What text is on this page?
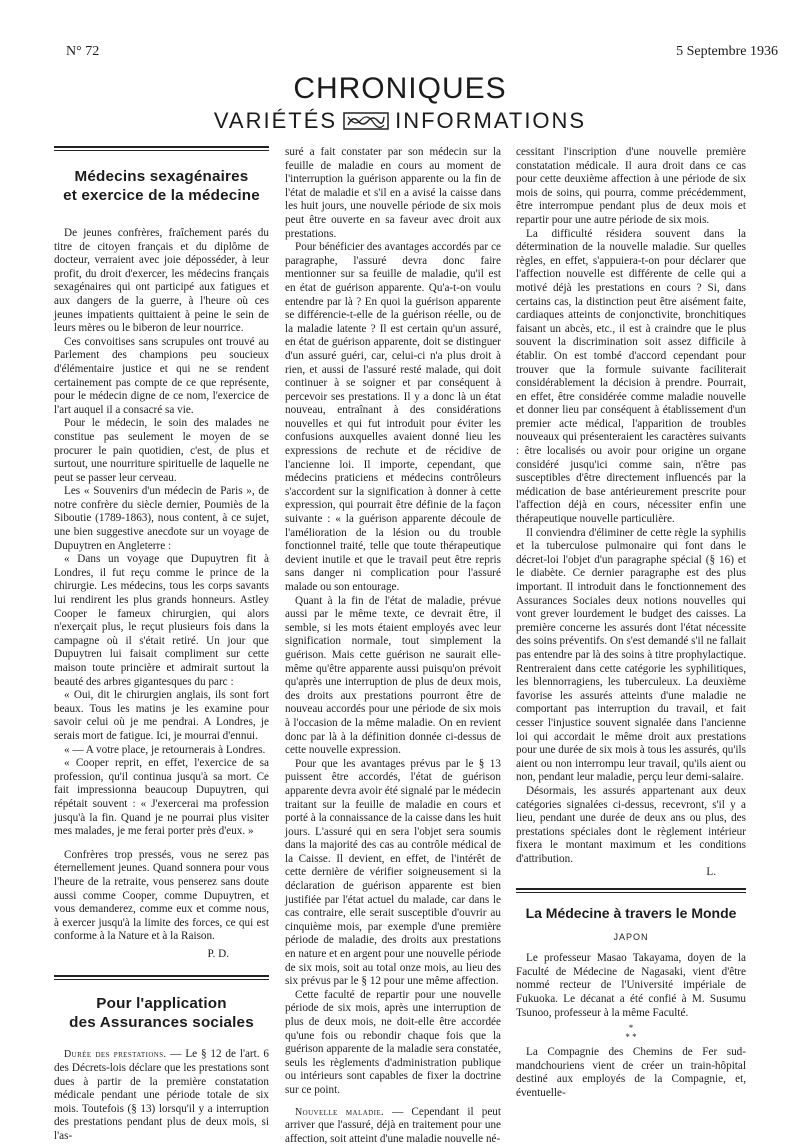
N° 72	5 Septembre 1936
CHRONIQUES
VARIÉTÉS	INFORMATIONS
Médecins sexagénaires
et exercice de la médecine

De jeunes confrères, fraîchement parés du titre de citoyen français et du diplôme de docteur, verraient avec joie déposséder, à leur profit, du droit d'exercer, les médecins français sexagénaires qui ont participé aux fatigues et aux dangers de la guerre, à l'heure où ces jeunes impatients quittaient à peine le sein de leurs mères ou le biberon de leur nourrice.

Ces convoitises sans scrupules ont trouvé au Parlement des champions peu soucieux d'élémentaire justice et qui ne se rendent certainement pas compte de ce que représente, pour le médecin digne de ce nom, l'exercice de l'art auquel il a consacré sa vie.

Pour le médecin, le soin des malades ne constitue pas seulement le moyen de se procurer le pain quotidien, c'est, de plus et surtout, une nourriture spirituelle de laquelle ne peut se passer leur cerveau.

Les « Souvenirs d'un médecin de Paris », de notre confrère du siècle dernier, Poumiès de la Siboutie (1789-1863), nous content, à ce sujet, une bien suggestive anecdote sur un voyage de Dupuytren en Angleterre :

« Dans un voyage que Dupuytren fit à Londres, il fut reçu comme le prince de la chirurgie. Les médecins, tous les corps savants lui rendirent les plus grands honneurs. Astley Cooper le fameux chirurgien, qui alors n'exerçait plus, le reçut plusieurs fois dans la campagne où il s'était retiré. Un jour que Dupuytren lui faisait compliment sur cette maison toute princière et admirait surtout la beauté des arbres gigantesques du parc :

« Oui, dit le chirurgien anglais, ils sont fort beaux. Tous les matins je les examine pour savoir celui où je me pendrai. A Londres, je serais mort de fatigue. Ici, je mourrai d'ennui.

« — A votre place, je retournerais à Londres.

« Cooper reprit, en effet, l'exercice de sa profession, qu'il continua jusqu'à sa mort. Ce fait impressionna beaucoup Dupuytren, qui répétait souvent : « J'exercerai ma profession jusqu'à la fin. Quand je ne pourrai plus visiter mes malades, je me ferai porter près d'eux. »

Confrères trop pressés, vous ne serez pas éternellement jeunes. Quand sonnera pour vous l'heure de la retraite, vous penserez sans doute aussi comme Cooper, comme Dupuytren, et vous demanderez, comme eux et comme nous, à exercer jusqu'à la limite des forces, ce qui est conforme à la Nature et à la Raison.

P. D.
Pour l'application
des Assurances sociales

Durée des prestations. — Le § 12 de l'art. 6 des Décrets-lois déclare que les prestations sont dues à partir de la première constatation médicale pendant une période totale de six mois. Toutefois (§ 13) lorsqu'il y a interruption des prestations pendant plus de deux mois, si l'as-

suré a fait constater par son médecin sur la feuille de maladie en cours au moment de l'interruption la guérison apparente ou la fin de l'état de maladie et s'il en a avisé la caisse dans les huit jours, une nouvelle période de six mois peut être ouverte en sa faveur avec droit aux prestations.

Pour bénéficier des avantages accordés par ce paragraphe, l'assuré devra donc faire mentionner sur sa feuille de maladie, qu'il est en état de guérison apparente. Qu'a-t-on voulu entendre par là ? En quoi la guérison apparente se différencie-t-elle de la guérison réelle, ou de la maladie latente ? Il est certain qu'un assuré, en état de guérison apparente, doit se distinguer d'un assuré guéri, car, celui-ci n'a plus droit à rien, et aussi de l'assuré resté malade, qui doit continuer à se soigner et par conséquent à percevoir ses prestations. Il y a donc là un état nouveau, entraînant à des considérations nouvelles et qui fut introduit pour éviter les confusions auxquelles avaient donné lieu les expressions de rechute et de récidive de l'ancienne loi. Il importe, cependant, que médecins praticiens et médecins contrôleurs s'accordent sur la signification à donner à cette expression, qui pourrait être définie de la façon suivante : « la guérison apparente découle de l'amélioration de la lésion ou du trouble fonctionnel traité, telle que toute thérapeutique devient inutile et que le travail peut être repris sans danger ni complication pour l'assuré malade ou son entourage.

Quant à la fin de l'état de maladie, prévue aussi par le même texte, ce devrait être, il semble, si les mots étaient employés avec leur signification normale, tout simplement la guérison. Mais cette guérison ne saurait elle-même qu'être apparente aussi puisqu'on prévoit qu'après une interruption de plus de deux mois, des droits aux prestations pourront être de nouveau accordés pour une période de six mois à l'occasion de la même maladie. On en revient donc par là à la définition donnée ci-dessus de cette nouvelle expression.

Pour que les avantages prévus par le § 13 puissent être accordés, l'état de guérison apparente devra avoir été signalé par le médecin traitant sur la feuille de maladie en cours et porté à la connaissance de la caisse dans les huit jours. L'assuré qui en sera l'objet sera soumis dans la majorité des cas au contrôle médical de la Caisse. Il devient, en effet, de l'intérêt de cette dernière de vérifier soigneusement si la déclaration de guérison apparente est bien justifiée par l'état actuel du malade, car dans le cas contraire, elle serait susceptible d'ouvrir au cinquième mois, par exemple d'une première période de maladie, des droits aux prestations en nature et en argent pour une nouvelle période de six mois, soit au total onze mois, au lieu des six prévus par le § 12 pour une même affection.

Cette faculté de repartir pour une nouvelle période de six mois, après une interruption de plus de deux mois, ne doit-elle être accordée qu'une fois ou rebondir chaque fois que la guérison apparente de la maladie sera constatée, seuls les règlements d'administration publique ou intérieurs sont capables de fixer la doctrine sur ce point.

Nouvelle maladie. — Cependant il peut arriver que l'assuré, déjà en traitement pour une affection, soit atteint d'une maladie nouvelle né-

cessitant l'inscription d'une nouvelle première constatation médicale. Il aura droit dans ce cas pour cette deuxième affection à une période de six mois de soins, qui pourra, comme précédemment, être interrompue pendant plus de deux mois et repartir pour une autre période de six mois.

La difficulté résidera souvent dans la détermination de la nouvelle maladie. Sur quelles règles, en effet, s'appuiera-t-on pour déclarer que l'affection nouvelle est différente de celle qui a motivé déjà les prestations en cours ? Si, dans certains cas, la distinction peut être aisément faite, cardiaques atteints de conjonctivite, bronchitiques faisant un abcès, etc., il est à craindre que le plus souvent la discrimination soit assez difficile à établir. On est tombé d'accord cependant pour trouver que la formule suivante faciliterait considérablement la décision à prendre. Pourrait, en effet, être considérée comme maladie nouvelle et donner lieu par conséquent à établissement d'un premier acte médical, l'apparition de troubles nouveaux qui présenteraient les caractères suivants : être localisés ou avoir pour origine un organe considéré jusqu'ici comme sain, n'être pas susceptibles d'être directement influencés par la médication de base antérieurement prescrite pour l'affection déjà en cours, nécessiter enfin une thérapeutique nouvelle particulière.

Il conviendra d'éliminer de cette règle la syphilis et la tuberculose pulmonaire qui font dans le décret-loi l'objet d'un paragraphe spécial (§ 16) et le diabète. Ce dernier paragraphe est des plus important. Il introduit dans le fonctionnement des Assurances Sociales deux notions nouvelles qui vont grever lourdement le budget des caisses. La première concerne les assurés dont l'état nécessite des soins préventifs. On s'est demandé s'il ne fallait pas entendre par là des soins à titre prophylactique. Rentreraient dans cette catégorie les syphilitiques, les blennorragiens, les tuberculeux. La deuxième favorise les assurés atteints d'une maladie ne comportant pas interruption du travail, et fait cesser l'injustice souvent signalée dans l'ancienne loi qui accordait le même droit aux prestations pour une durée de six mois à tous les assurés, qu'ils aient ou non interrompu leur travail, qu'ils aient ou non, pendant leur maladie, perçu leur demi-salaire.

Désormais, les assurés appartenant aux deux catégories signalées ci-dessus, recevront, s'il y a lieu, pendant une durée de deux ans ou plus, des prestations spéciales dont le règlement intérieur fixera le montant maximum et les conditions d'attribution.

L.
La Médecine à travers le Monde
JAPON

Le professeur Masao Takayama, doyen de la Faculté de Médecine de Nagasaki, vient d'être nommé recteur de l'Université impériale de Fukuoka. Le décanat a été confié à M. Susumu Tsunoo, professeur à la même Faculté.

*
* *

La Compagnie des Chemins de Fer sud-mandchouriens vient de créer un train-hôpital destiné aux employés de la Compagnie, et, éventuelle-
